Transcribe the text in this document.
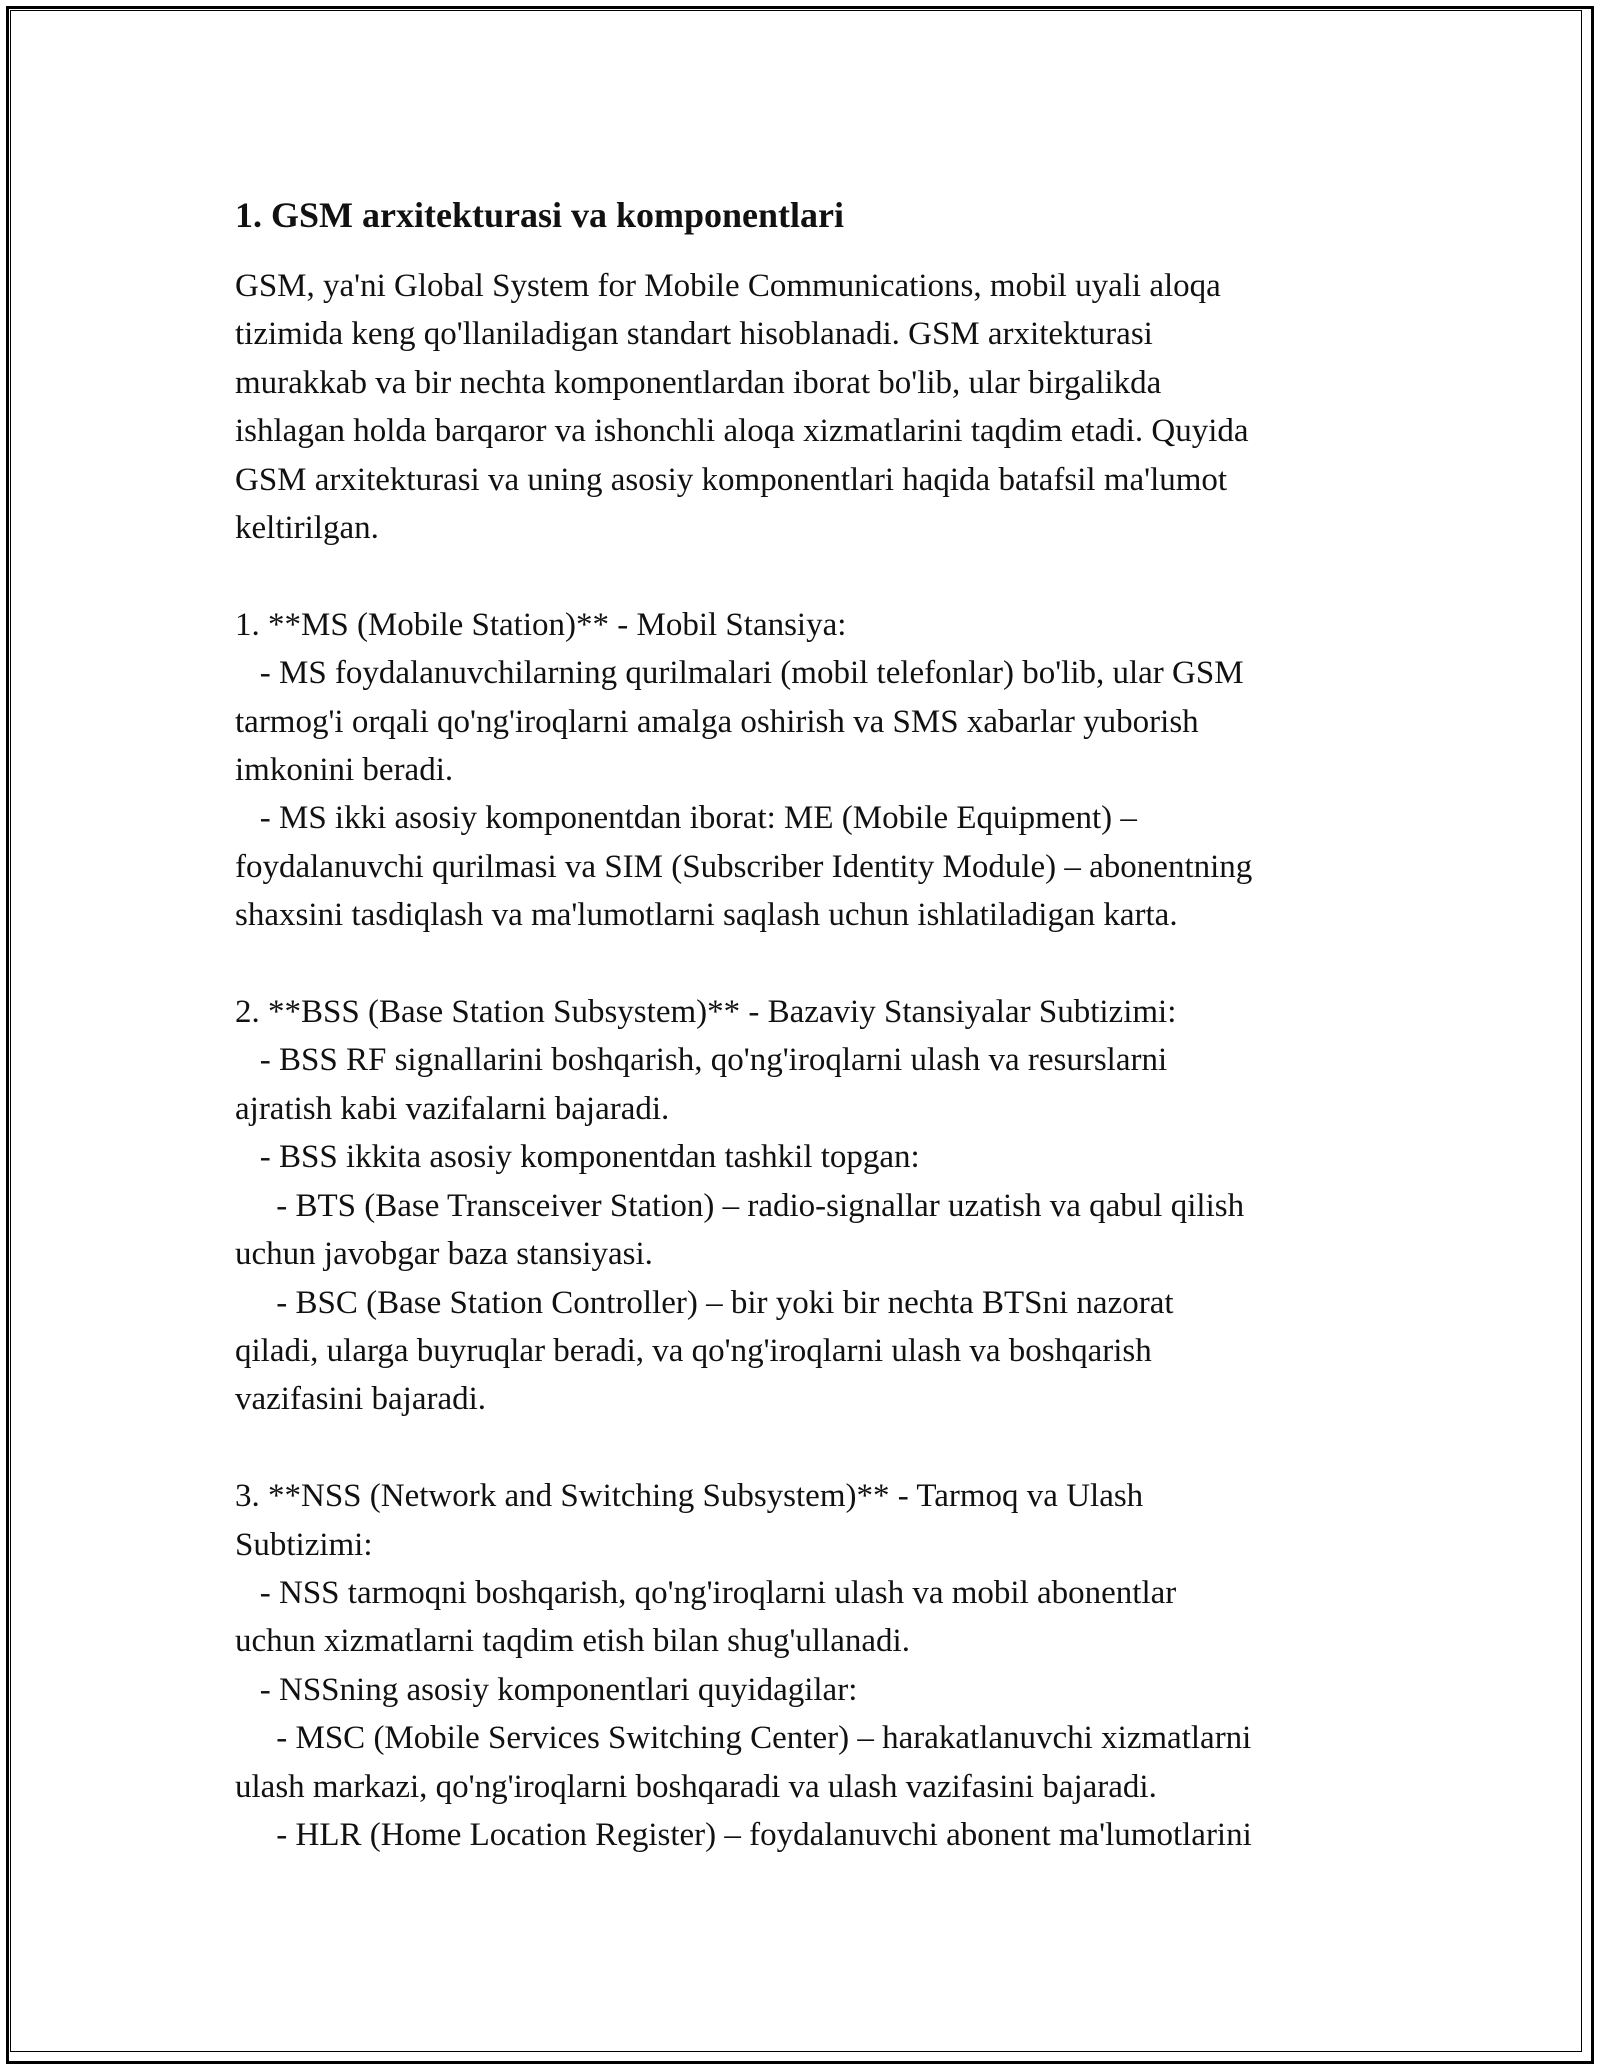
1. GSM arxitekturasi va komponentlari
GSM, ya'ni Global System for Mobile Communications, mobil uyali aloqa
tizimida keng qo'llaniladigan standart hisoblanadi. GSM arxitekturasi
murakkab va bir nechta komponentlardan iborat bo'lib, ular birgalikda
ishlagan holda barqaror va ishonchli aloqa xizmatlarini taqdim etadi. Quyida
GSM arxitekturasi va uning asosiy komponentlari haqida batafsil ma'lumot
keltirilgan.
1. **MS (Mobile Station)** - Mobil Stansiya:
- MS foydalanuvchilarning qurilmalari (mobil telefonlar) bo'lib, ular GSM
tarmog'i orqali qo'ng'iroqlarni amalga oshirish va SMS xabarlar yuborish
imkonini beradi.
- MS ikki asosiy komponentdan iborat: ME (Mobile Equipment) –
foydalanuvchi qurilmasi va SIM (Subscriber Identity Module) – abonentning
shaxsini tasdiqlash va ma'lumotlarni saqlash uchun ishlatiladigan karta.
2. **BSS (Base Station Subsystem)** - Bazaviy Stansiyalar Subtizimi:
- BSS RF signallarini boshqarish, qo'ng'iroqlarni ulash va resurslarni
ajratish kabi vazifalarni bajaradi.
- BSS ikkita asosiy komponentdan tashkil topgan:
- BTS (Base Transceiver Station) – radio-signallar uzatish va qabul qilish
uchun javobgar baza stansiyasi.
- BSC (Base Station Controller) – bir yoki bir nechta BTSni nazorat
qiladi, ularga buyruqlar beradi, va qo'ng'iroqlarni ulash va boshqarish
vazifasini bajaradi.
3. **NSS (Network and Switching Subsystem)** - Tarmoq va Ulash
Subtizimi:
- NSS tarmoqni boshqarish, qo'ng'iroqlarni ulash va mobil abonentlar
uchun xizmatlarni taqdim etish bilan shug'ullanadi.
- NSSning asosiy komponentlari quyidagilar:
- MSC (Mobile Services Switching Center) – harakatlanuvchi xizmatlarni
ulash markazi, qo'ng'iroqlarni boshqaradi va ulash vazifasini bajaradi.
- HLR (Home Location Register) – foydalanuvchi abonent ma'lumotlarini
